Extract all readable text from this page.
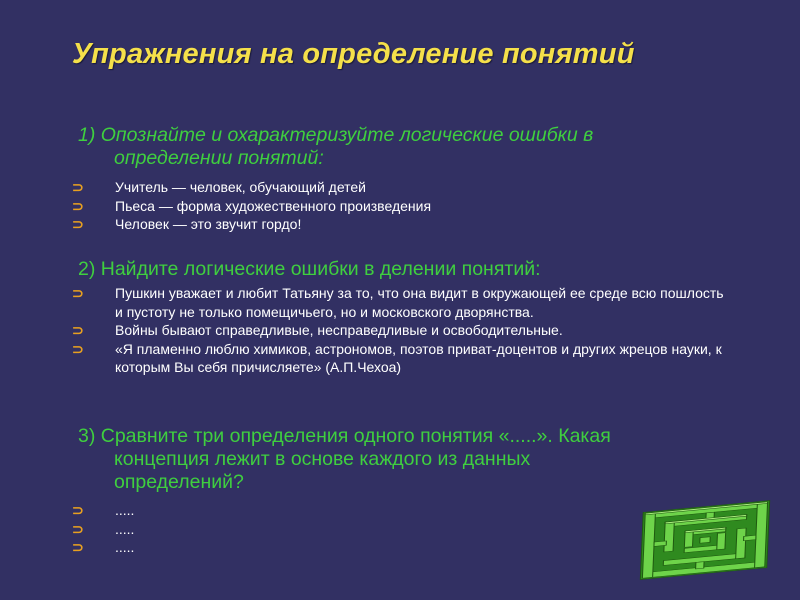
Упражнения на определение понятий
1) Опознайте и охарактеризуйте логические ошибки в
определении понятий:
⊃ Учитель — человек, обучающий детей
⊃ Пьеса — форма художественного произведения
⊃ Человек — это звучит гордо!
2) Найдите логические ошибки в делении понятий:
⊃ Пушкин уважает и любит Татьяну за то, что она видит в окружающей ее среде всю пошлость и пустоту не только помещичьего, но и московского дворянства.
⊃ Войны бывают справедливые, несправедливые и освободительные.
⊃ «Я пламенно люблю химиков, астрономов, поэтов приват-доцентов и других жрецов науки, к которым Вы себя причисляете» (А.П.Чехоа)
3) Сравните три определения одного понятия «.....». Какая
концепция лежит в основе каждого из данных
определений?
⊃ .....
⊃ .....
⊃ .....
